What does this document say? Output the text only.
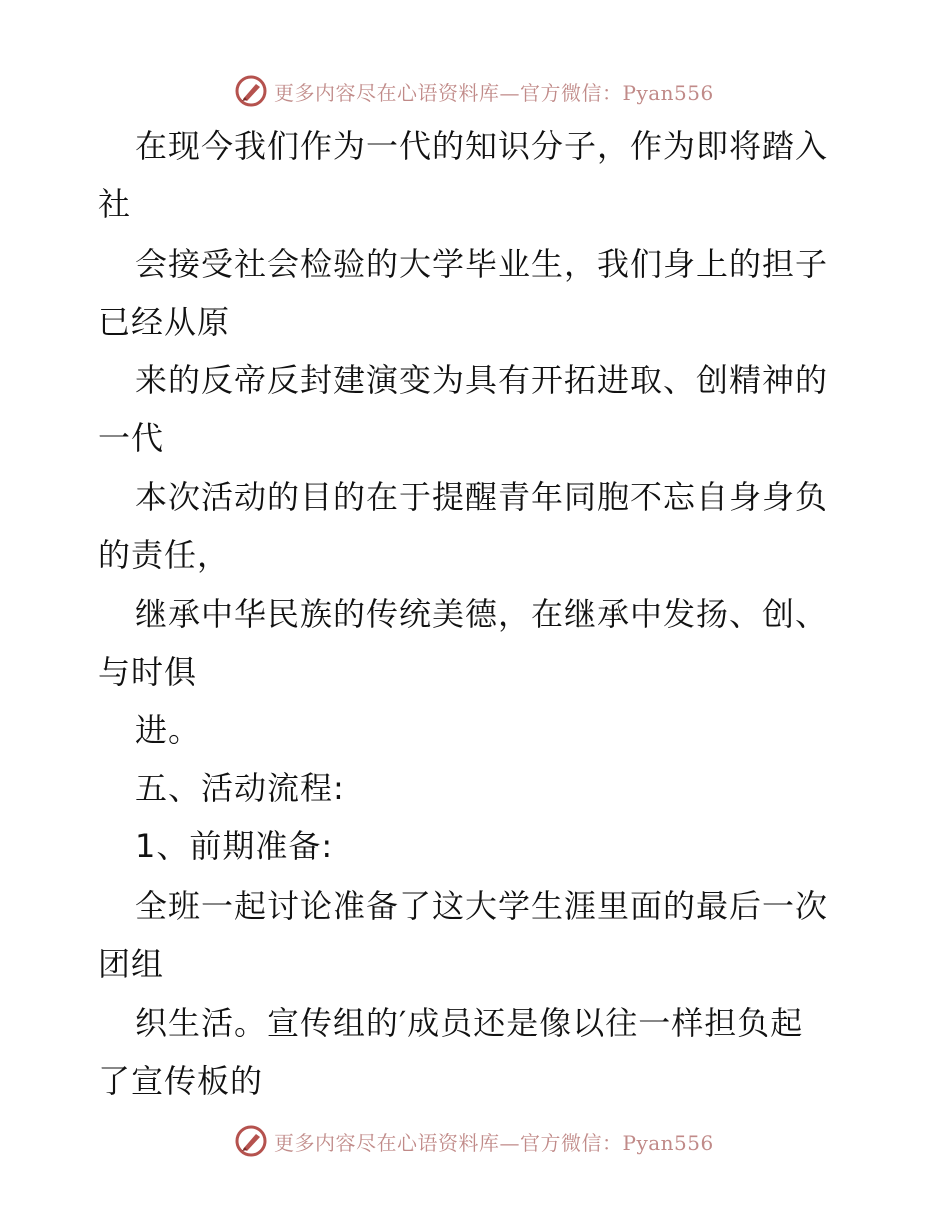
更多内容尽在心语资料库—官方微信：Pyan556
在现今我们作为一代的知识分子，作为即将踏入
社
会接受社会检验的大学毕业生，我们身上的担子
已经从原
来的反帝反封建演变为具有开拓进取、创精神的
一代
本次活动的目的在于提醒青年同胞不忘自身身负
的责任，
继承中华民族的传统美德，在继承中发扬、创、
与时俱
进。
五、活动流程:
1、前期准备:
全班一起讨论准备了这大学生涯里面的最后一次
团组
织生活。宣传组的′成员还是像以往一样担负起
了宣传板的
更多内容尽在心语资料库—官方微信：Pyan556
